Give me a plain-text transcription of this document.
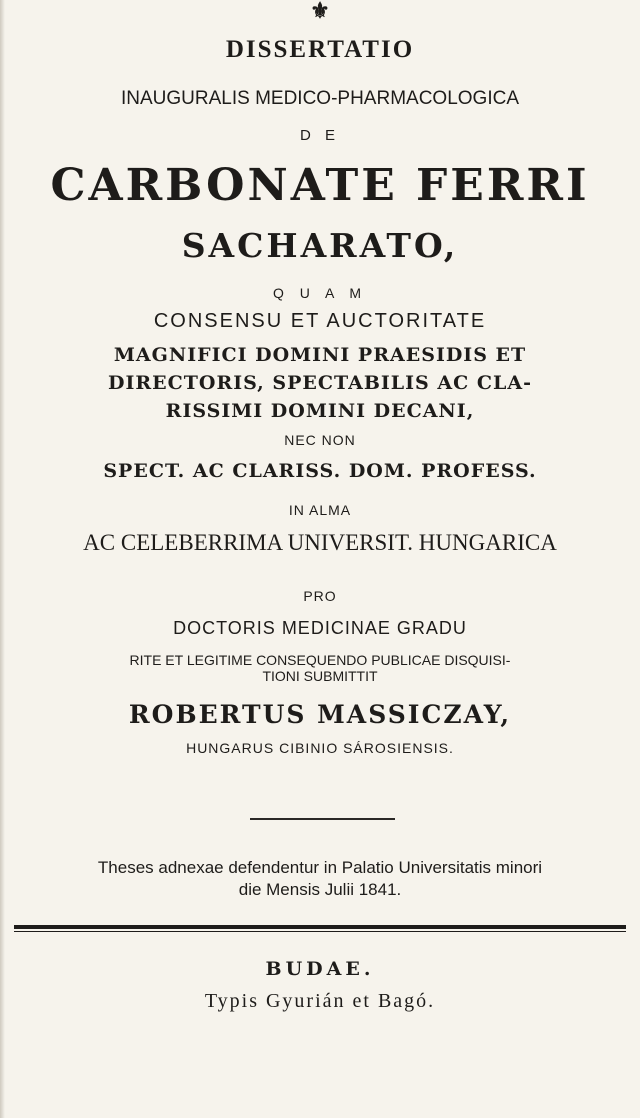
⚜
DISSERTATIO
INAUGURALIS MEDICO-PHARMACOLOGICA
D E
CARBONATE FERRI
SACHARATO,
Q U A M
CONSENSU ET AUCTORITATE
MAGNIFICI DOMINI PRAESIDIS ET
DIRECTORIS, SPECTABILIS AC CLA-
RISSIMI DOMINI DECANI,
NEC NON
SPECT. AC CLARISS. DOM. PROFESS.
IN ALMA
AC CELEBERRIMA UNIVERSIT. HUNGARICA
PRO
DOCTORIS MEDICINAE GRADU
RITE ET LEGITIME CONSEQUENDO PUBLICAE DISQUISI-
TIONI SUBMITTIT
ROBERTUS MASSICZAY,
HUNGARUS CIBINIO SÁROSIENSIS.
Theses adnexae defendentur in Palatio Universitatis minori
die Mensis Julii 1841.
BUDAE.
Typis Gyurián et Bagó.
